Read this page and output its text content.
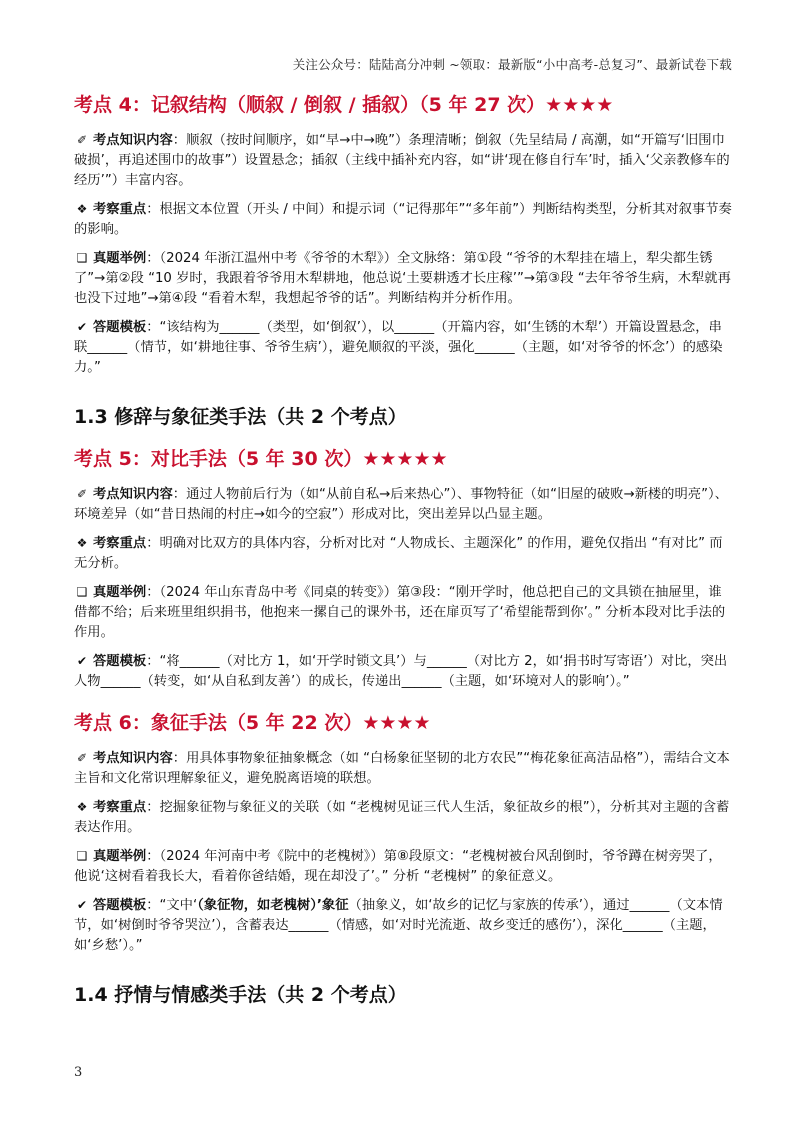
关注公众号：陆陆高分冲刺 ~领取：最新版“小中高考-总复习”、最新试卷下载
考点 4：记叙结构（顺叙 / 倒叙 / 插叙）（5 年 27 次）★★★★
✐ 考点知识内容：顺叙（按时间顺序，如“早→中→晚”）条理清晰；倒叙（先呈结局 / 高潮，如“开篇写‘旧围巾破损’，再追述围巾的故事”）设置悬念；插叙（主线中插补充内容，如“讲‘现在修自行车’时，插入‘父亲教修车的经历’”）丰富内容。
❖ 考察重点：根据文本位置（开头 / 中间）和提示词（“记得那年”“多年前”）判断结构类型，分析其对叙事节奏的影响。
❑ 真题举例：（2024 年浙江温州中考《爷爷的木犁》）全文脉络：第①段 “爷爷的木犁挂在墙上，犁尖都生锈了”→第②段 “10 岁时，我跟着爷爷用木犁耕地，他总说‘土要耕透才长庄稼’”→第③段 “去年爷爷生病，木犁就再也没下过地”→第④段 “看着木犁，我想起爷爷的话”。判断结构并分析作用。
✔ 答题模板：“该结构为______（类型，如‘倒叙’），以______（开篇内容，如‘生锈的木犁’）开篇设置悬念，串联______（情节，如‘耕地往事、爷爷生病’），避免顺叙的平淡，强化______（主题，如‘对爷爷的怀念’）的感染力。”
1.3 修辞与象征类手法（共 2 个考点）
考点 5：对比手法（5 年 30 次）★★★★★
✐ 考点知识内容：通过人物前后行为（如“从前自私→后来热心”）、事物特征（如“旧屋的破败→新楼的明亮”）、环境差异（如“昔日热闹的村庄→如今的空寂”）形成对比，突出差异以凸显主题。
❖ 考察重点：明确对比双方的具体内容，分析对比对 “人物成长、主题深化” 的作用，避免仅指出 “有对比” 而无分析。
❑ 真题举例：（2024 年山东青岛中考《同桌的转变》）第③段：“刚开学时，他总把自己的文具锁在抽屉里，谁借都不给；后来班里组织捐书，他抱来一摞自己的课外书，还在扉页写了‘希望能帮到你’。” 分析本段对比手法的作用。
✔ 答题模板：“将______（对比方 1，如‘开学时锁文具’）与______（对比方 2，如‘捐书时写寄语’）对比，突出人物______（转变，如‘从自私到友善’）的成长，传递出______（主题，如‘环境对人的影响’）。”
考点 6：象征手法（5 年 22 次）★★★★
✐ 考点知识内容：用具体事物象征抽象概念（如 “白杨象征坚韧的北方农民”“梅花象征高洁品格”），需结合文本主旨和文化常识理解象征义，避免脱离语境的联想。
❖ 考察重点：挖掘象征物与象征义的关联（如 “老槐树见证三代人生活，象征故乡的根”），分析其对主题的含蓄表达作用。
❑ 真题举例：（2024 年河南中考《院中的老槐树》）第⑧段原文：“老槐树被台风刮倒时，爷爷蹲在树旁哭了，他说‘这树看着我长大，看着你爸结婚，现在却没了’。” 分析 “老槐树” 的象征意义。
✔ 答题模板：“文中‘（象征物，如老槐树）’象征（抽象义，如‘故乡的记忆与家族的传承’），通过______（文本情节，如‘树倒时爷爷哭泣’），含蓄表达______（情感，如‘对时光流逝、故乡变迁的感伤’），深化______（主题，如‘乡愁’）。”
1.4 抒情与情感类手法（共 2 个考点）
3
